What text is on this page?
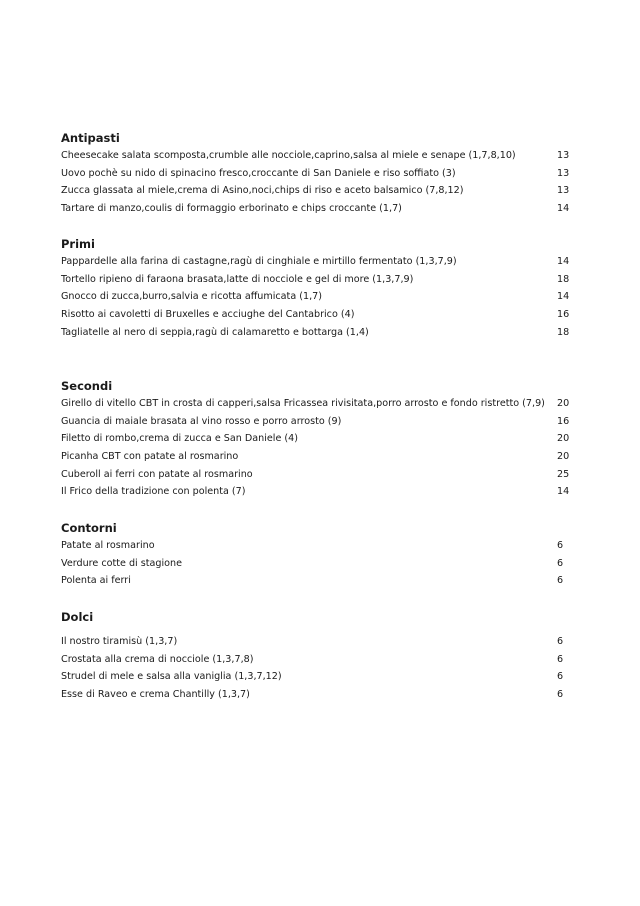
Antipasti
Cheesecake salata scomposta,crumble alle nocciole,caprino,salsa al miele e senape (1,7,8,10)	13
Uovo pochè su nido di spinacino fresco,croccante di San Daniele e riso soffiato (3)	13
Zucca glassata al miele,crema di Asino,noci,chips di riso e aceto balsamico (7,8,12)	13
Tartare di manzo,coulis di formaggio erborinato e chips croccante (1,7)	14
Primi
Pappardelle alla farina di castagne,ragù di cinghiale e mirtillo fermentato (1,3,7,9)	14
Tortello ripieno di faraona brasata,latte di nocciole e gel di more (1,3,7,9)	18
Gnocco di zucca,burro,salvia e ricotta affumicata (1,7)	14
Risotto ai cavoletti di Bruxelles e acciughe del Cantabrico (4)	16
Tagliatelle al nero di seppia,ragù di calamaretto e bottarga (1,4)	18
Secondi
Girello di vitello CBT in crosta di capperi,salsa Fricassea rivisitata,porro arrosto e fondo ristretto (7,9) 20
Guancia di maiale brasata al vino rosso e porro arrosto (9)	16
Filetto di rombo,crema di zucca e San Daniele (4)	20
Picanha CBT con patate al rosmarino	20
Cuberoll ai ferri con patate al rosmarino	25
Il Frico della tradizione con polenta (7)	14
Contorni
Patate al rosmarino	6
Verdure cotte di stagione	6
Polenta ai ferri	6
Dolci
Il nostro tiramisù (1,3,7)	6
Crostata alla crema di nocciole (1,3,7,8)	6
Strudel di mele e salsa alla vaniglia (1,3,7,12)	6
Esse di Raveo e crema Chantilly (1,3,7)	6
